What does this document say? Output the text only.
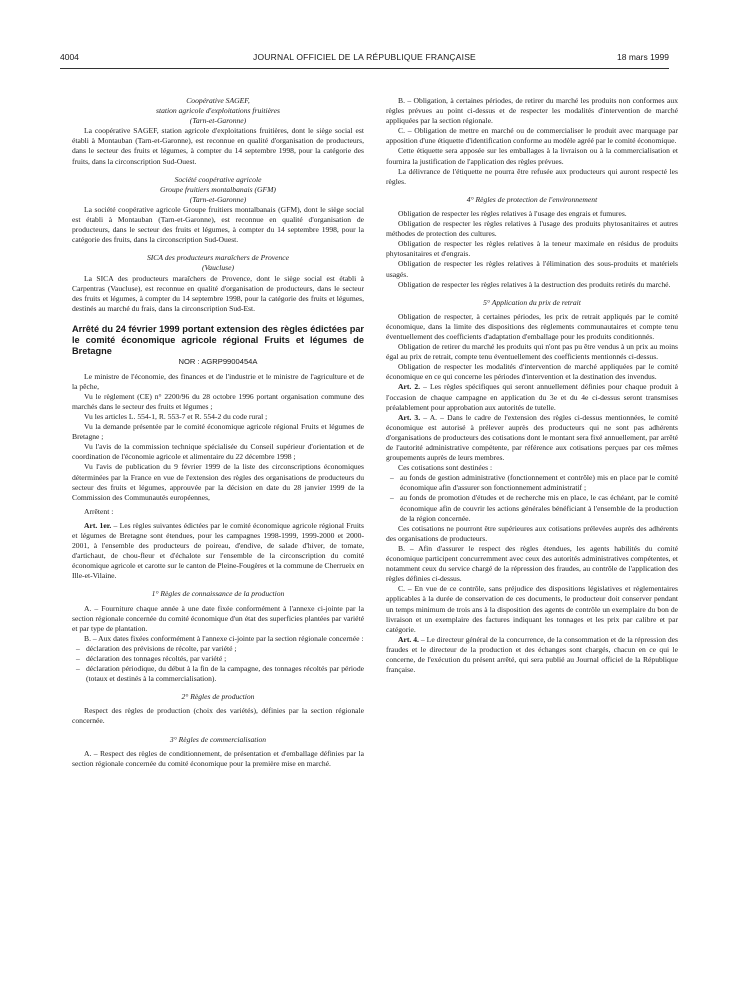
4004	JOURNAL OFFICIEL DE LA RÉPUBLIQUE FRANÇAISE	18 mars 1999

Coopérative SAGEF,

station agricole d'exploitations fruitières

(Tarn-et-Garonne)

La coopérative SAGEF, station agricole d'exploitations fruitières, dont le siège social est établi à Montauban (Tarn-et-Garonne), est reconnue en qualité d'organisation de producteurs, dans le secteur des fruits et légumes, à compter du 14 septembre 1998, pour la catégorie des fruits, dans la circonscription Sud-Ouest.

Société coopérative agricole

Groupe fruitiers montalbanais (GFM)

(Tarn-et-Garonne)

La société coopérative agricole Groupe fruitiers montalbanais (GFM), dont le siège social est établi à Montauban (Tarn-et-Garonne), est reconnue en qualité d'organisation de producteurs, dans le secteur des fruits et légumes, à compter du 14 septembre 1998, pour la catégorie des fruits, dans la circonscription Sud-Ouest.

SICA des producteurs maraîchers de Provence

(Vaucluse)

La SICA des producteurs maraîchers de Provence, dont le siège social est établi à Carpentras (Vaucluse), est reconnue en qualité d'organisation de producteurs, dans le secteur des fruits et légumes, à compter du 14 septembre 1998, pour la catégorie des fruits et légumes, destinés au marché du frais, dans la circonscription Sud-Est.

Arrêté du 24 février 1999 portant extension des règles édictées par le comité économique agricole régional Fruits et légumes de Bretagne

NOR : AGRP9900454A

Le ministre de l'économie, des finances et de l'industrie et le ministre de l'agriculture et de la pêche,

Vu le règlement (CE) n° 2200/96 du 28 octobre 1996 portant organisation commune des marchés dans le secteur des fruits et légumes ;

Vu les articles L. 554-1, R. 553-7 et R. 554-2 du code rural ;

Vu la demande présentée par le comité économique agricole régional Fruits et légumes de Bretagne ;

Vu l'avis de la commission technique spécialisée du Conseil supérieur d'orientation et de coordination de l'économie agricole et alimentaire du 22 décembre 1998 ;

Vu l'avis de publication du 9 février 1999 de la liste des circonscriptions économiques déterminées par la France en vue de l'extension des règles des organisations de producteurs du secteur des fruits et légumes, approuvée par la décision en date du 28 janvier 1999 de la Commission des Communautés européennes,

Arrêtent :

Art. 1er. – Les règles suivantes édictées par le comité économique agricole régional Fruits et légumes de Bretagne sont étendues, pour les campagnes 1998-1999, 1999-2000 et 2000-2001, à l'ensemble des producteurs de poireau, d'endive, de salade d'hiver, de tomate, d'artichaut, de chou-fleur et d'échalote sur l'ensemble de la circonscription du comité économique agricole et carotte sur le canton de Pleine-Fougères et la commune de Cherrueix en Ille-et-Vilaine.

1° Règles de connaissance de la production

A. – Fourniture chaque année à une date fixée conformément à l'annexe ci-jointe par la section régionale concernée du comité économique d'un état des superficies plantées par variété et par type de plantation.

B. – Aux dates fixées conformément à l'annexe ci-jointe par la section régionale concernée :

– déclaration des prévisions de récolte, par variété ;

– déclaration des tonnages récoltés, par variété ;

– déclaration périodique, du début à la fin de la campagne, des tonnages récoltés par période (totaux et destinés à la commercialisation).

2° Règles de production

Respect des règles de production (choix des variétés), définies par la section régionale concernée.

3° Règles de commercialisation

A. – Respect des règles de conditionnement, de présentation et d'emballage définies par la section régionale concernée du comité économique pour la première mise en marché.

B. – Obligation, à certaines périodes, de retirer du marché les produits non conformes aux règles prévues au point ci-dessus et de respecter les modalités d'intervention de marché appliquées par la section régionale.

C. – Obligation de mettre en marché ou de commercialiser le produit avec marquage par apposition d'une étiquette d'identification conforme au modèle agréé par le comité économique.

Cette étiquette sera apposée sur les emballages à la livraison ou à la commercialisation et fournira la justification de l'application des règles prévues.

La délivrance de l'étiquette ne pourra être refusée aux producteurs qui auront respecté les règles.

4° Règles de protection de l'environnement

Obligation de respecter les règles relatives à l'usage des engrais et fumures.

Obligation de respecter les règles relatives à l'usage des produits phytosanitaires et autres méthodes de protection des cultures.

Obligation de respecter les règles relatives à la teneur maximale en résidus de produits phytosanitaires et d'engrais.

Obligation de respecter les règles relatives à l'élimination des sous-produits et matériels usagés.

Obligation de respecter les règles relatives à la destruction des produits retirés du marché.

5° Application du prix de retrait

Obligation de respecter, à certaines périodes, les prix de retrait appliqués par le comité économique, dans la limite des dispositions des règlements communautaires et compte tenu éventuellement des coefficients d'adaptation d'emballage pour les produits conditionnés.

Obligation de retirer du marché les produits qui n'ont pas pu être vendus à un prix au moins égal au prix de retrait, compte tenu éventuellement des coefficients mentionnés ci-dessus.

Obligation de respecter les modalités d'intervention de marché appliquées par le comité économique en ce qui concerne les périodes d'intervention et la destination des invendus.

Art. 2. – Les règles spécifiques qui seront annuellement définies pour chaque produit à l'occasion de chaque campagne en application du 3e et du 4e ci-dessus seront transmises préalablement pour approbation aux autorités de tutelle.

Art. 3. – A. – Dans le cadre de l'extension des règles ci-dessus mentionnées, le comité économique est autorisé à prélever auprès des producteurs qui ne sont pas adhérents d'organisations de producteurs des cotisations dont le montant sera fixé annuellement, par arrêté de l'autorité administrative compétente, par référence aux cotisations perçues par ces mêmes groupements auprès de leurs membres.

Ces cotisations sont destinées :

– au fonds de gestion administrative (fonctionnement et contrôle) mis en place par le comité économique afin d'assurer son fonctionnement administratif ;

– au fonds de promotion d'études et de recherche mis en place, le cas échéant, par le comité économique afin de couvrir les actions générales bénéficiant à l'ensemble de la production de la région concernée.

Ces cotisations ne pourront être supérieures aux cotisations prélevées auprès des adhérents des organisations de producteurs.

B. – Afin d'assurer le respect des règles étendues, les agents habilités du comité économique participent concurremment avec ceux des autorités administratives compétentes, et notamment ceux du service chargé de la répression des fraudes, au contrôle de l'application des règles définies ci-dessus.

C. – En vue de ce contrôle, sans préjudice des dispositions législatives et réglementaires applicables à la durée de conservation de ces documents, le producteur doit conserver pendant un temps minimum de trois ans à la disposition des agents de contrôle un exemplaire du bon de livraison et un exemplaire des factures indiquant les tonnages et les prix par calibre et par catégorie.

Art. 4. – Le directeur général de la concurrence, de la consommation et de la répression des fraudes et le directeur de la production et des échanges sont chargés, chacun en ce qui le concerne, de l'exécution du présent arrêté, qui sera publié au Journal officiel de la République française.
